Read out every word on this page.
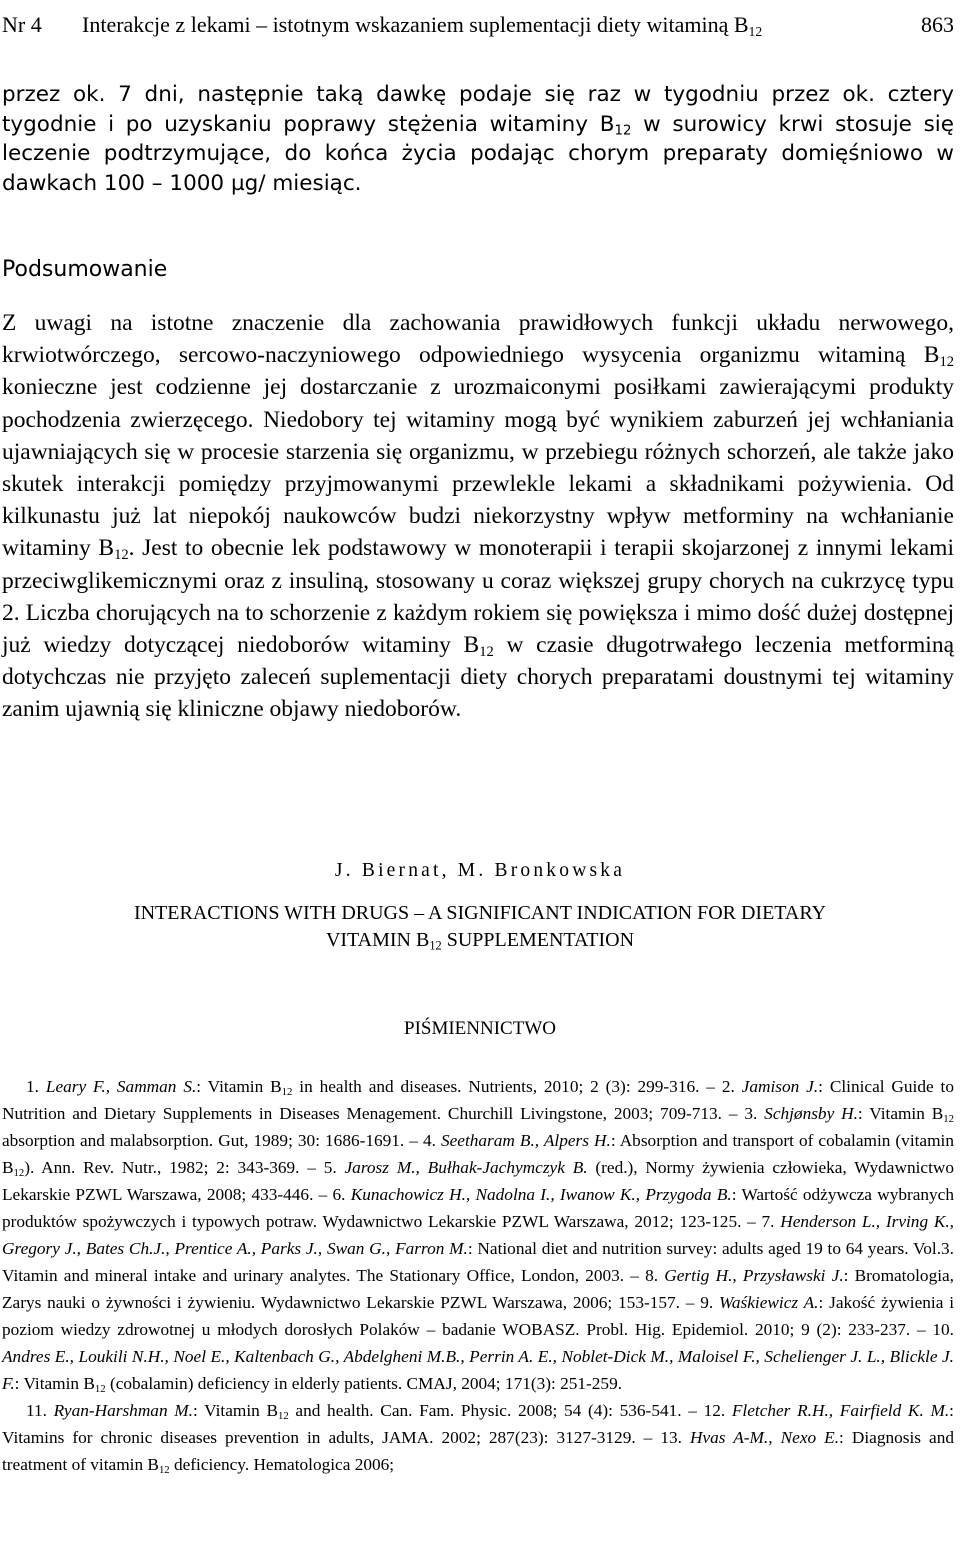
Nr 4 Interakcje z lekami – istotnym wskazaniem suplementacji diety witaminą $B_{12}$	863

przez ok. 7 dni, następnie taką dawkę podaje się raz w tygodniu przez ok. cztery tygodnie i po uzyskaniu poprawy stężenia witaminy $B_{12}$ w surowicy krwi stosuje się leczenie podtrzymujące, do końca życia podając chorym preparaty domięśniowo w dawkach 100 – 1000 µg/ miesiąc.

Podsumowanie

Z uwagi na istotne znaczenie dla zachowania prawidłowych funkcji układu nerwowego, krwiotwórczego, sercowo-naczyniowego odpowiedniego wysycenia organizmu witaminą $B_{12}$ konieczne jest codzienne jej dostarczanie z urozmaiconymi posiłkami zawierającymi produkty pochodzenia zwierzęcego. Niedobory tej witaminy mogą być wynikiem zaburzeń jej wchłaniania ujawniających się w procesie starzenia się organizmu, w przebiegu różnych schorzeń, ale także jako skutek interakcji pomiędzy przyjmowanymi przewlekle lekami a składnikami pożywienia. Od kilkunastu już lat niepokój naukowców budzi niekorzystny wpływ metforminy na wchłanianie witaminy $B_{12}$. Jest to obecnie lek podstawowy w monoterapii i terapii skojarzonej z innymi lekami przeciwglikemicznymi oraz z insuliną, stosowany u coraz większej grupy chorych na cukrzycę typu 2. Liczba chorujących na to schorzenie z każdym rokiem się powiększa i mimo dość dużej dostępnej już wiedzy dotyczącej niedoborów witaminy $B_{12}$ w czasie długotrwałego leczenia metforminą dotychczas nie przyjęto zaleceń suplementacji diety chorych preparatami doustnymi tej witaminy zanim ujawnią się kliniczne objawy niedoborów.

J. Biernat, M. Bronkowska

INTERACTIONS WITH DRUGS – A SIGNIFICANT INDICATION FOR DIETARY
VITAMIN $B_{12}$ SUPPLEMENTATION

PIŚMIENNICTWO

1. Leary F., Samman S.: Vitamin $B_{12}$ in health and diseases. Nutrients, 2010; 2 (3): 299-316. – 2. Jamison J.: Clinical Guide to Nutrition and Dietary Supplements in Diseases Menagement. Churchill Livingstone, 2003; 709-713. – 3. Schjønsby H.: Vitamin $B_{12}$ absorption and malabsorption. Gut, 1989; 30: 1686-1691. – 4. Seetharam B., Alpers H.: Absorption and transport of cobalamin (vitamin $B_{12}$). Ann. Rev. Nutr., 1982; 2: 343-369. – 5. Jarosz M., Bułhak-Jachymczyk B. (red.), Normy żywienia człowieka, Wydawnictwo Lekarskie PZWL Warszawa, 2008; 433-446. – 6. Kunachowicz H., Nadolna I., Iwanow K., Przygoda B.: Wartość odżywcza wybranych produktów spożywczych i typowych potraw. Wydawnictwo Lekarskie PZWL Warszawa, 2012; 123-125. – 7. Henderson L., Irving K., Gregory J., Bates Ch.J., Prentice A., Parks J., Swan G., Farron M.: National diet and nutrition survey: adults aged 19 to 64 years. Vol.3. Vitamin and mineral intake and urinary analytes. The Stationary Office, London, 2003. – 8. Gertig H., Przysławski J.: Bromatologia, Zarys nauki o żywności i żywieniu. Wydawnictwo Lekarskie PZWL Warszawa, 2006; 153-157. – 9. Waśkiewicz A.: Jakość żywienia i poziom wiedzy zdrowotnej u młodych dorosłych Polaków – badanie WOBASZ. Probl. Hig. Epidemiol. 2010; 9 (2): 233-237. – 10. Andres E., Loukili N.H., Noel E., Kaltenbach G., Abdelgheni M.B., Perrin A. E., Noblet-Dick M., Maloisel F., Schelienger J. L., Blickle J. F.: Vitamin $B_{12}$ (cobalamin) deficiency in elderly patients. CMAJ, 2004; 171(3): 251-259.

11. Ryan-Harshman M.: Vitamin $B_{12}$ and health. Can. Fam. Physic. 2008; 54 (4): 536-541. – 12. Fletcher R.H., Fairfield K. M.: Vitamins for chronic diseases prevention in adults, JAMA. 2002; 287(23): 3127-3129. – 13. Hvas A-M., Nexo E.: Diagnosis and treatment of vitamin $B_{12}$ deficiency. Hematologica 2006;
